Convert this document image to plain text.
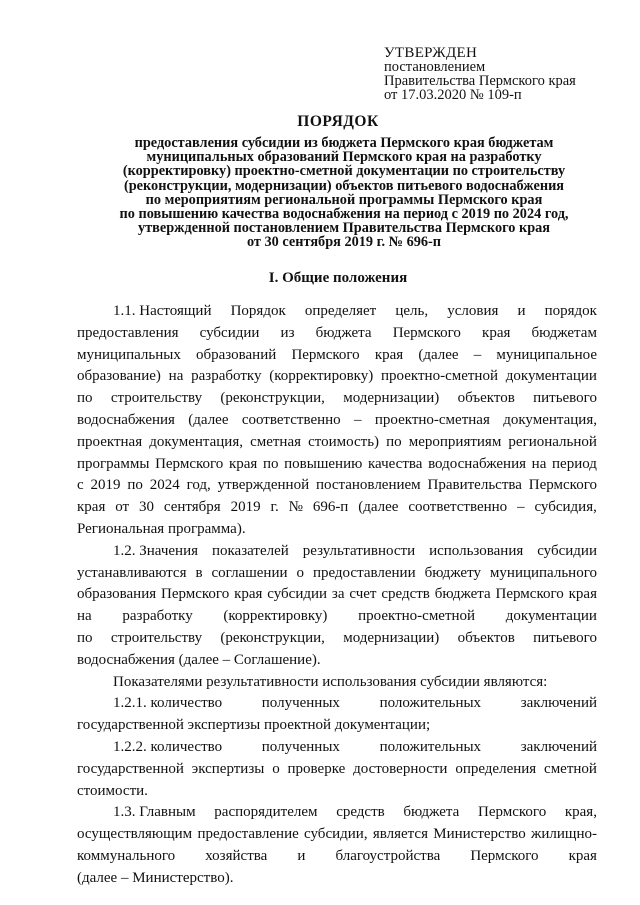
УТВЕРЖДЕН
постановлением
Правительства Пермского края
от 17.03.2020 № 109-п
ПОРЯДОК
предоставления субсидии из бюджета Пермского края бюджетам
муниципальных образований Пермского края на разработку
(корректировку) проектно-сметной документации по строительству
(реконструкции, модернизации) объектов питьевого водоснабжения
по мероприятиям региональной программы Пермского края
по повышению качества водоснабжения на период с 2019 по 2024 год,
утвержденной постановлением Правительства Пермского края
от 30 сентября 2019 г. № 696-п
I. Общие положения
1.1. Настоящий Порядок определяет цель, условия и порядок
предоставления субсидии из бюджета Пермского края бюджетам
муниципальных образований Пермского края (далее – муниципальное
образование) на разработку (корректировку) проектно-сметной документации
по строительству (реконструкции, модернизации) объектов питьевого
водоснабжения (далее соответственно – проектно-сметная документация,
проектная документация, сметная стоимость) по мероприятиям региональной
программы Пермского края по повышению качества водоснабжения на период
с 2019 по 2024 год, утвержденной постановлением Правительства Пермского
края от 30 сентября 2019 г. № 696-п (далее соответственно – субсидия,
Региональная программа).
1.2. Значения показателей результативности использования субсидии
устанавливаются в соглашении о предоставлении бюджету муниципального
образования Пермского края субсидии за счет средств бюджета Пермского края
на разработку (корректировку) проектно-сметной документации
по строительству (реконструкции, модернизации) объектов питьевого
водоснабжения (далее – Соглашение).
Показателями результативности использования субсидии являются:
1.2.1. количество	полученных	положительных	заключений
государственной экспертизы проектной документации;
1.2.2. количество	полученных	положительных	заключений
государственной экспертизы о проверке достоверности определения сметной
стоимости.
1.3. Главным распорядителем средств бюджета Пермского края,
осуществляющим предоставление субсидии, является Министерство жилищно-
коммунального хозяйства и благоустройства Пермского края
(далее – Министерство).
